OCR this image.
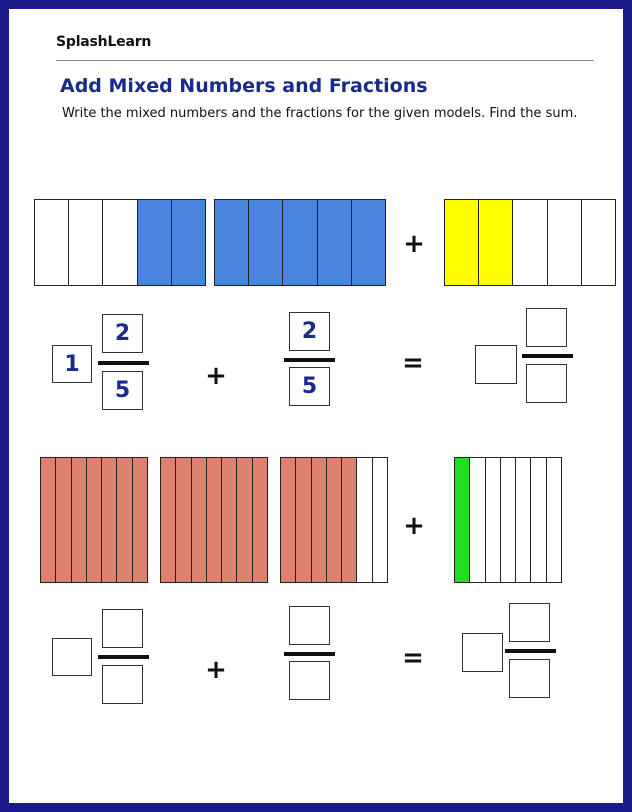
SplashLearn
Add Mixed Numbers and Fractions
Write the mixed numbers and the fractions for the given models. Find the sum.
+
1
2
5	+
2
5
=
+
+	=
